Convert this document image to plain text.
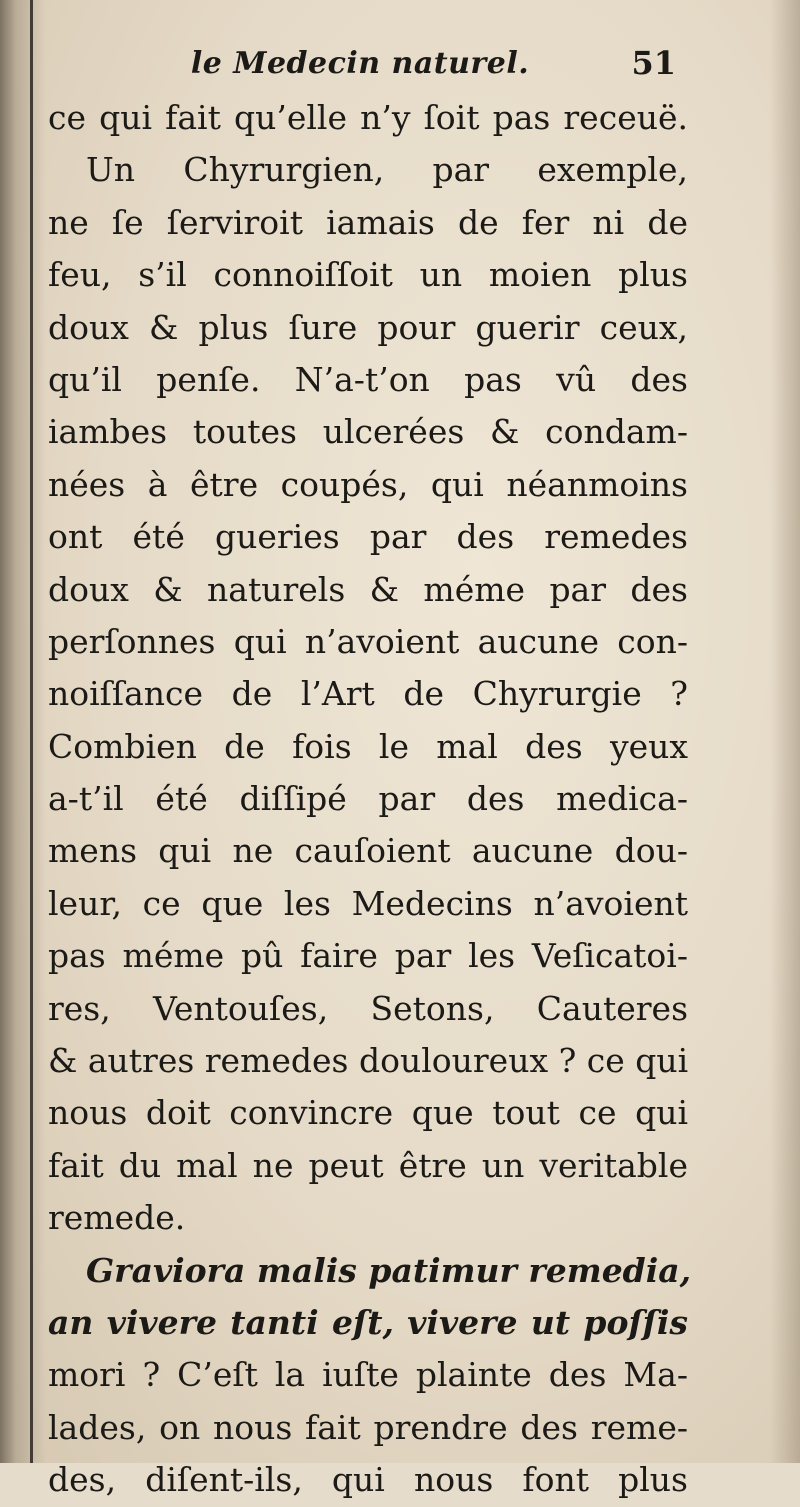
le Medecin naturel.	51
ce qui fait qu’elle n’y ſoit pas receuë.
Un Chyrurgien, par exemple,
ne ſe ſerviroit iamais de fer ni de
feu, s’il connoiſſoit un moien plus
doux & plus ſure pour guerir ceux,
qu’il penſe. N’a-t’on pas vû des
iambes toutes ulcerées & condam-
nées à être coupés, qui néanmoins
ont été gueries par des remedes
doux & naturels & méme par des
perſonnes qui n’avoient aucune con-
noiſſance de l’Art de Chyrurgie ?
Combien de fois le mal des yeux
a-t’il été diſſipé par des medica-
mens qui ne cauſoient aucune dou-
leur, ce que les Medecins n’avoient
pas méme pû faire par les Veſicatoi-
res, Ventouſes, Setons, Cauteres
& autres remedes douloureux ? ce qui
nous doit convincre que tout ce qui
fait du mal ne peut être un veritable
remede.
Graviora malis patimur remedia,
an vivere tanti eſt, vivere ut poſſis
mori ? C’eſt la iuſte plainte des Ma-
lades, on nous fait prendre des reme-
des, diſent-ils, qui nous font plus
